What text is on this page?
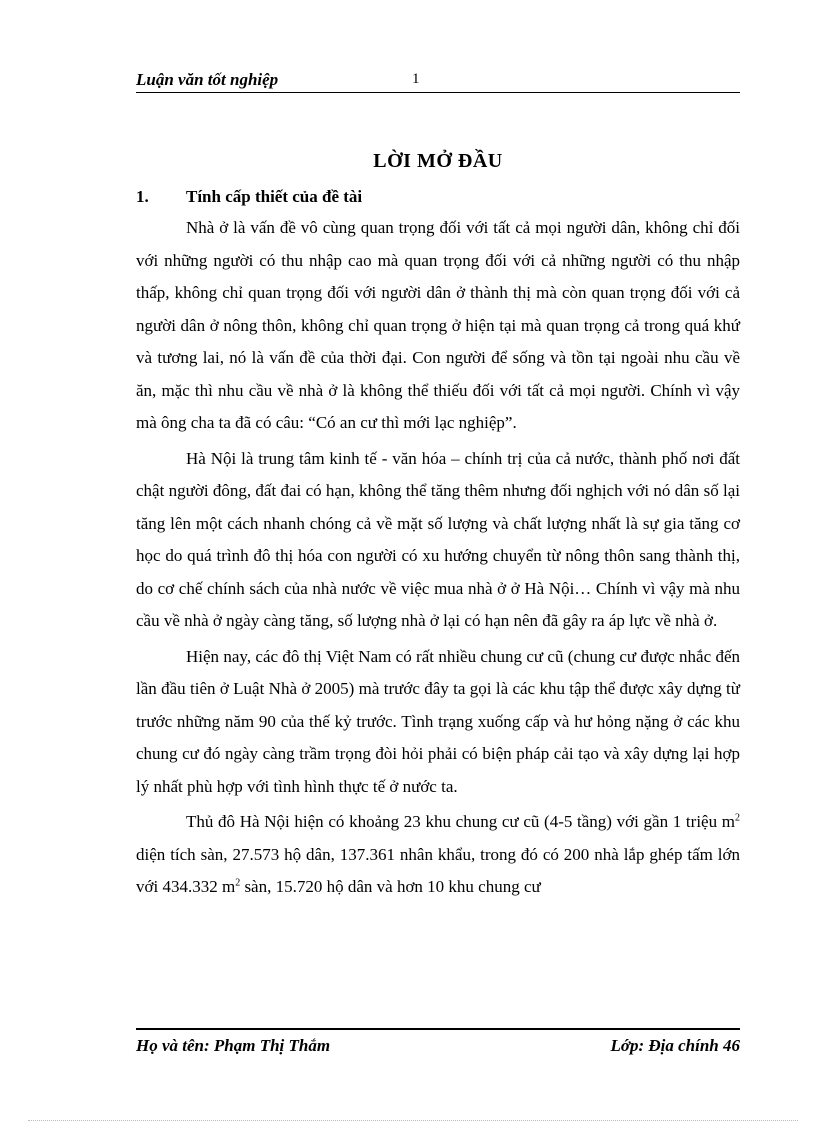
Luận văn tốt nghiệp	1
LỜI MỞ ĐẦU
1. Tính cấp thiết của đề tài

Nhà ở là vấn đề vô cùng quan trọng đối với tất cả mọi người dân, không chỉ đối với những người có thu nhập cao mà quan trọng đối với cả những người có thu nhập thấp, không chỉ quan trọng đối với người dân ở thành thị mà còn quan trọng đối với cả người dân ở nông thôn, không chỉ quan trọng ở hiện tại mà quan trọng cả trong quá khứ và tương lai, nó là vấn đề của thời đại. Con người để sống và tồn tại ngoài nhu cầu về ăn, mặc thì nhu cầu về nhà ở là không thể thiếu đối với tất cả mọi người. Chính vì vậy mà ông cha ta đã có câu: “Có an cư thì mới lạc nghiệp”.

Hà Nội là trung tâm kinh tế - văn hóa – chính trị của cả nước, thành phố nơi đất chật người đông, đất đai có hạn, không thể tăng thêm nhưng đối nghịch với nó dân số lại tăng lên một cách nhanh chóng cả về mặt số lượng và chất lượng nhất là sự gia tăng cơ học do quá trình đô thị hóa con người có xu hướng chuyển từ nông thôn sang thành thị, do cơ chế chính sách của nhà nước về việc mua nhà ở ở Hà Nội… Chính vì vậy mà nhu cầu về nhà ở ngày càng tăng, số lượng nhà ở lại có hạn nên đã gây ra áp lực về nhà ở.

Hiện nay, các đô thị Việt Nam có rất nhiều chung cư cũ (chung cư được nhắc đến lần đầu tiên ở Luật Nhà ở 2005) mà trước đây ta gọi là các khu tập thể được xây dựng từ trước những năm 90 của thế kỷ trước. Tình trạng xuống cấp và hư hỏng nặng ở các khu chung cư đó ngày càng trầm trọng đòi hỏi phải có biện pháp cải tạo và xây dựng lại hợp lý nhất phù hợp với tình hình thực tế ở nước ta.

Thủ đô Hà Nội hiện có khoảng 23 khu chung cư cũ (4-5 tầng) với gần 1 triệu $m^2$ diện tích sàn, 27.573 hộ dân, 137.361 nhân khẩu, trong đó có 200 nhà lắp ghép tấm lớn với 434.332 $m^2$ sàn, 15.720 hộ dân và hơn 10 khu chung cư

Họ và tên: Phạm Thị Thắm	Lớp: Địa chính 46
